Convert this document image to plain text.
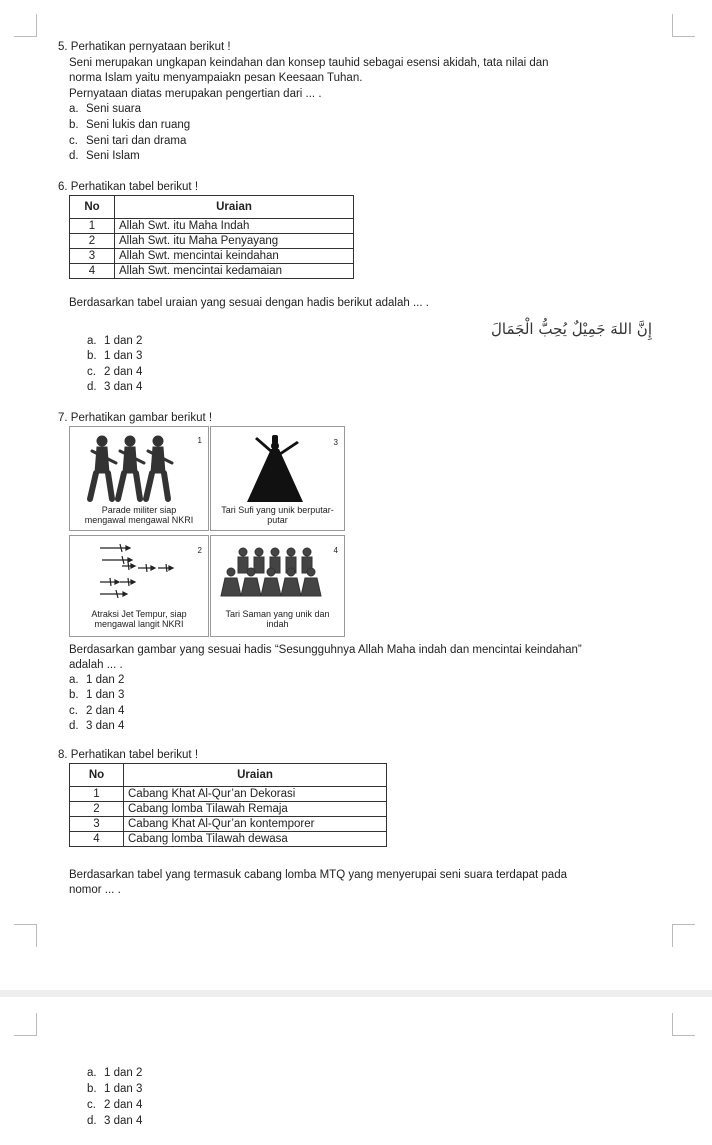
5. Perhatikan pernyataan berikut !
Seni merupakan ungkapan keindahan dan konsep tauhid sebagai esensi akidah, tata nilai dan
norma Islam yaitu menyampaiakn pesan Keesaan Tuhan.
Pernyataan diatas merupakan pengertian dari ... .
a. Seni suara
b. Seni lukis dan ruang
c. Seni tari dan drama
d. Seni Islam
6. Perhatikan tabel berikut !
No	Uraian
1	Allah Swt. itu Maha Indah
2	Allah Swt. itu Maha Penyayang
3	Allah Swt. mencintai keindahan
4	Allah Swt. mencintai kedamaian
Berdasarkan tabel uraian yang sesuai dengan hadis berikut adalah ... .
إِنَّ اللهَ جَمِيْلٌ يُحِبُّ الْجَمَالَ
a. 1 dan 2
b. 1 dan 3
c. 2 dan 4
d. 3 dan 4
7. Perhatikan gambar berikut !
1
Parade militer siap
mengawal mengawal NKRI
3
Tari Sufi yang unik berputar-
putar
2
Atraksi Jet Tempur, siap
mengawal langit NKRI
4
Tari Saman yang unik dan
indah
Berdasarkan gambar yang sesuai hadis “Sesungguhnya Allah Maha indah dan mencintai keindahan”
adalah ... .
a. 1 dan 2
b. 1 dan 3
c. 2 dan 4
d. 3 dan 4
8. Perhatikan tabel berikut !
No	Uraian
1	Cabang Khat Al-Qur’an Dekorasi
2	Cabang lomba Tilawah Remaja
3	Cabang Khat Al-Qur’an kontemporer
4	Cabang lomba Tilawah dewasa
Berdasarkan tabel yang termasuk cabang lomba MTQ yang menyerupai seni suara terdapat pada
nomor ... .
a. 1 dan 2
b. 1 dan 3
c. 2 dan 4
d. 3 dan 4
